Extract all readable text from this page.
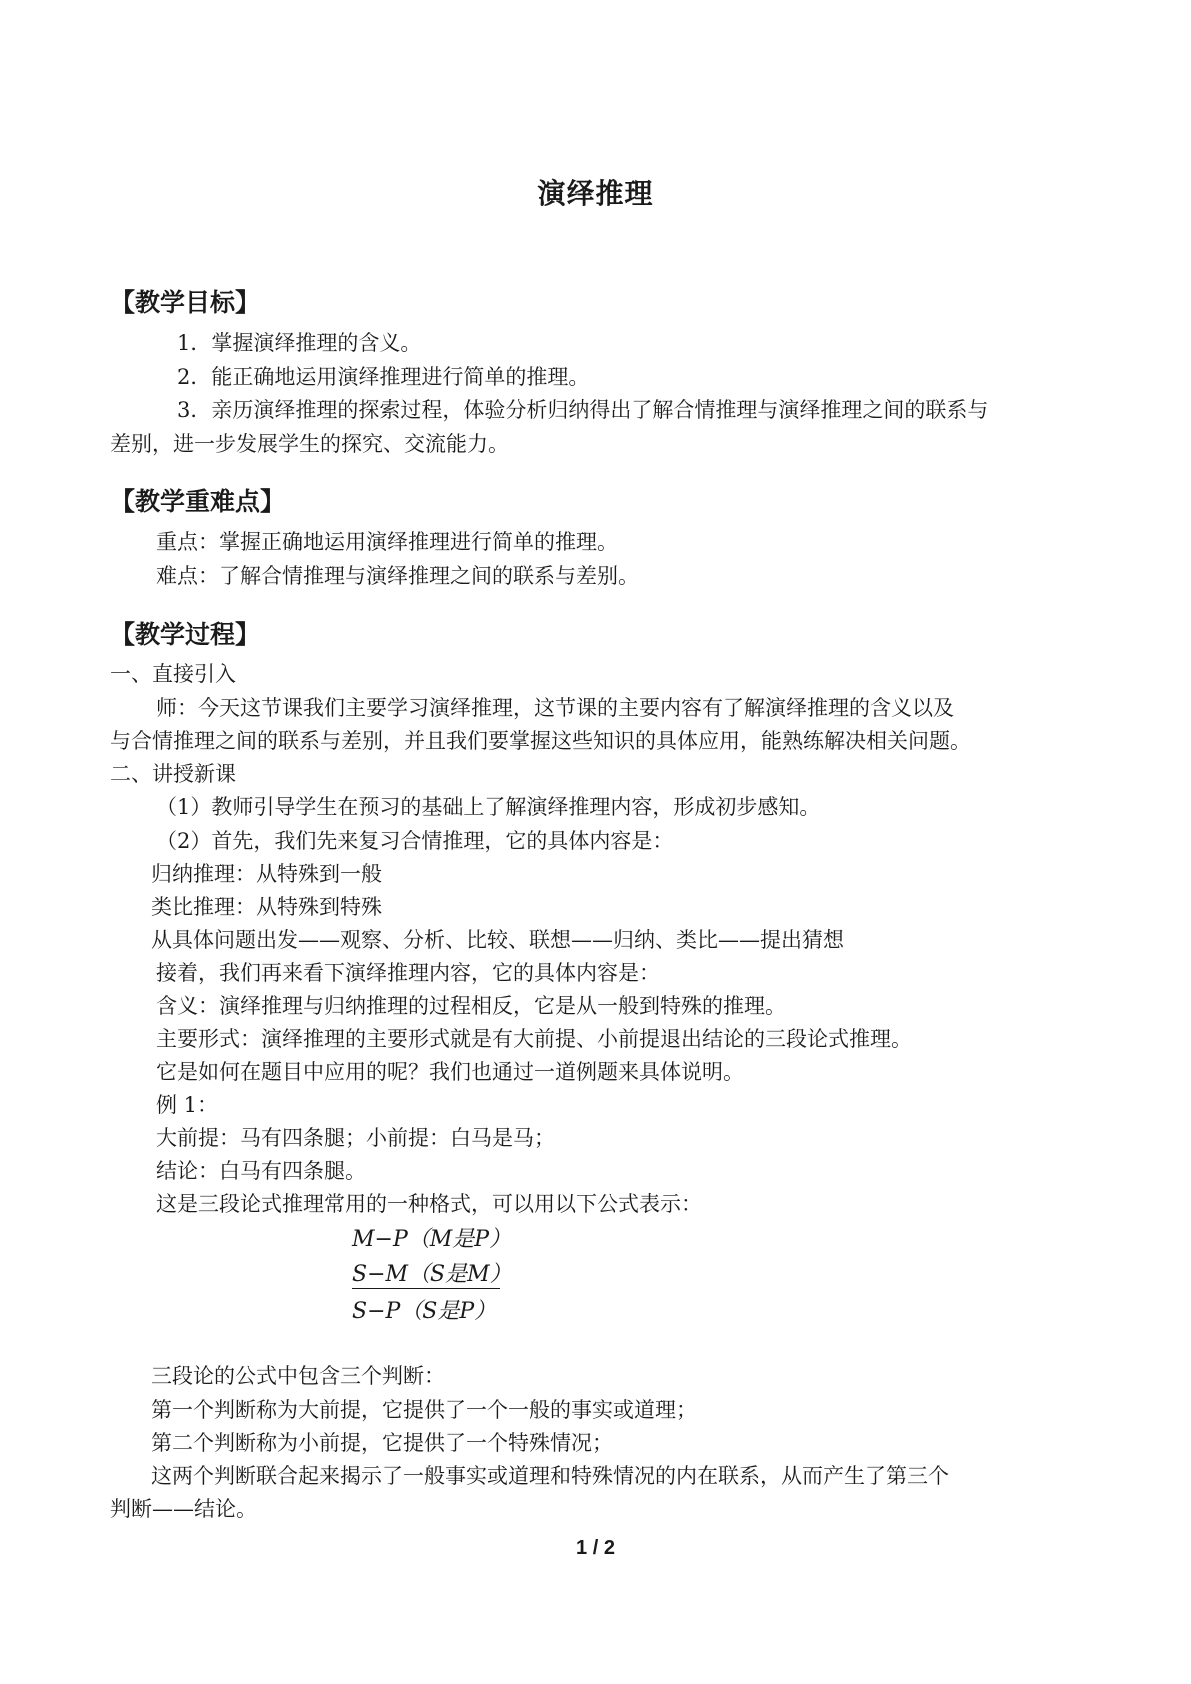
演绎推理
【教学目标】
1．掌握演绎推理的含义。
2．能正确地运用演绎推理进行简单的推理。
3．亲历演绎推理的探索过程，体验分析归纳得出了解合情推理与演绎推理之间的联系与
差别，进一步发展学生的探究、交流能力。
【教学重难点】
重点：掌握正确地运用演绎推理进行简单的推理。
难点：了解合情推理与演绎推理之间的联系与差别。
【教学过程】
一、直接引入
师：今天这节课我们主要学习演绎推理，这节课的主要内容有了解演绎推理的含义以及
与合情推理之间的联系与差别，并且我们要掌握这些知识的具体应用，能熟练解决相关问题。
二、讲授新课
（1）教师引导学生在预习的基础上了解演绎推理内容，形成初步感知。
（2）首先，我们先来复习合情推理，它的具体内容是：
归纳推理：从特殊到一般
类比推理：从特殊到特殊
从具体问题出发——观察、分析、比较、联想——归纳、类比——提出猜想
接着，我们再来看下演绎推理内容，它的具体内容是：
含义：演绎推理与归纳推理的过程相反，它是从一般到特殊的推理。
主要形式：演绎推理的主要形式就是有大前提、小前提退出结论的三段论式推理。
它是如何在题目中应用的呢？我们也通过一道例题来具体说明。
例 1：
大前提：马有四条腿；小前提：白马是马；
结论：白马有四条腿。
这是三段论式推理常用的一种格式，可以用以下公式表示：
M−P（M是P）
S−M（S是M）
S−P（S是P）
三段论的公式中包含三个判断：
第一个判断称为大前提，它提供了一个一般的事实或道理；
第二个判断称为小前提，它提供了一个特殊情况；
这两个判断联合起来揭示了一般事实或道理和特殊情况的内在联系，从而产生了第三个
判断——结论。
1 / 2
